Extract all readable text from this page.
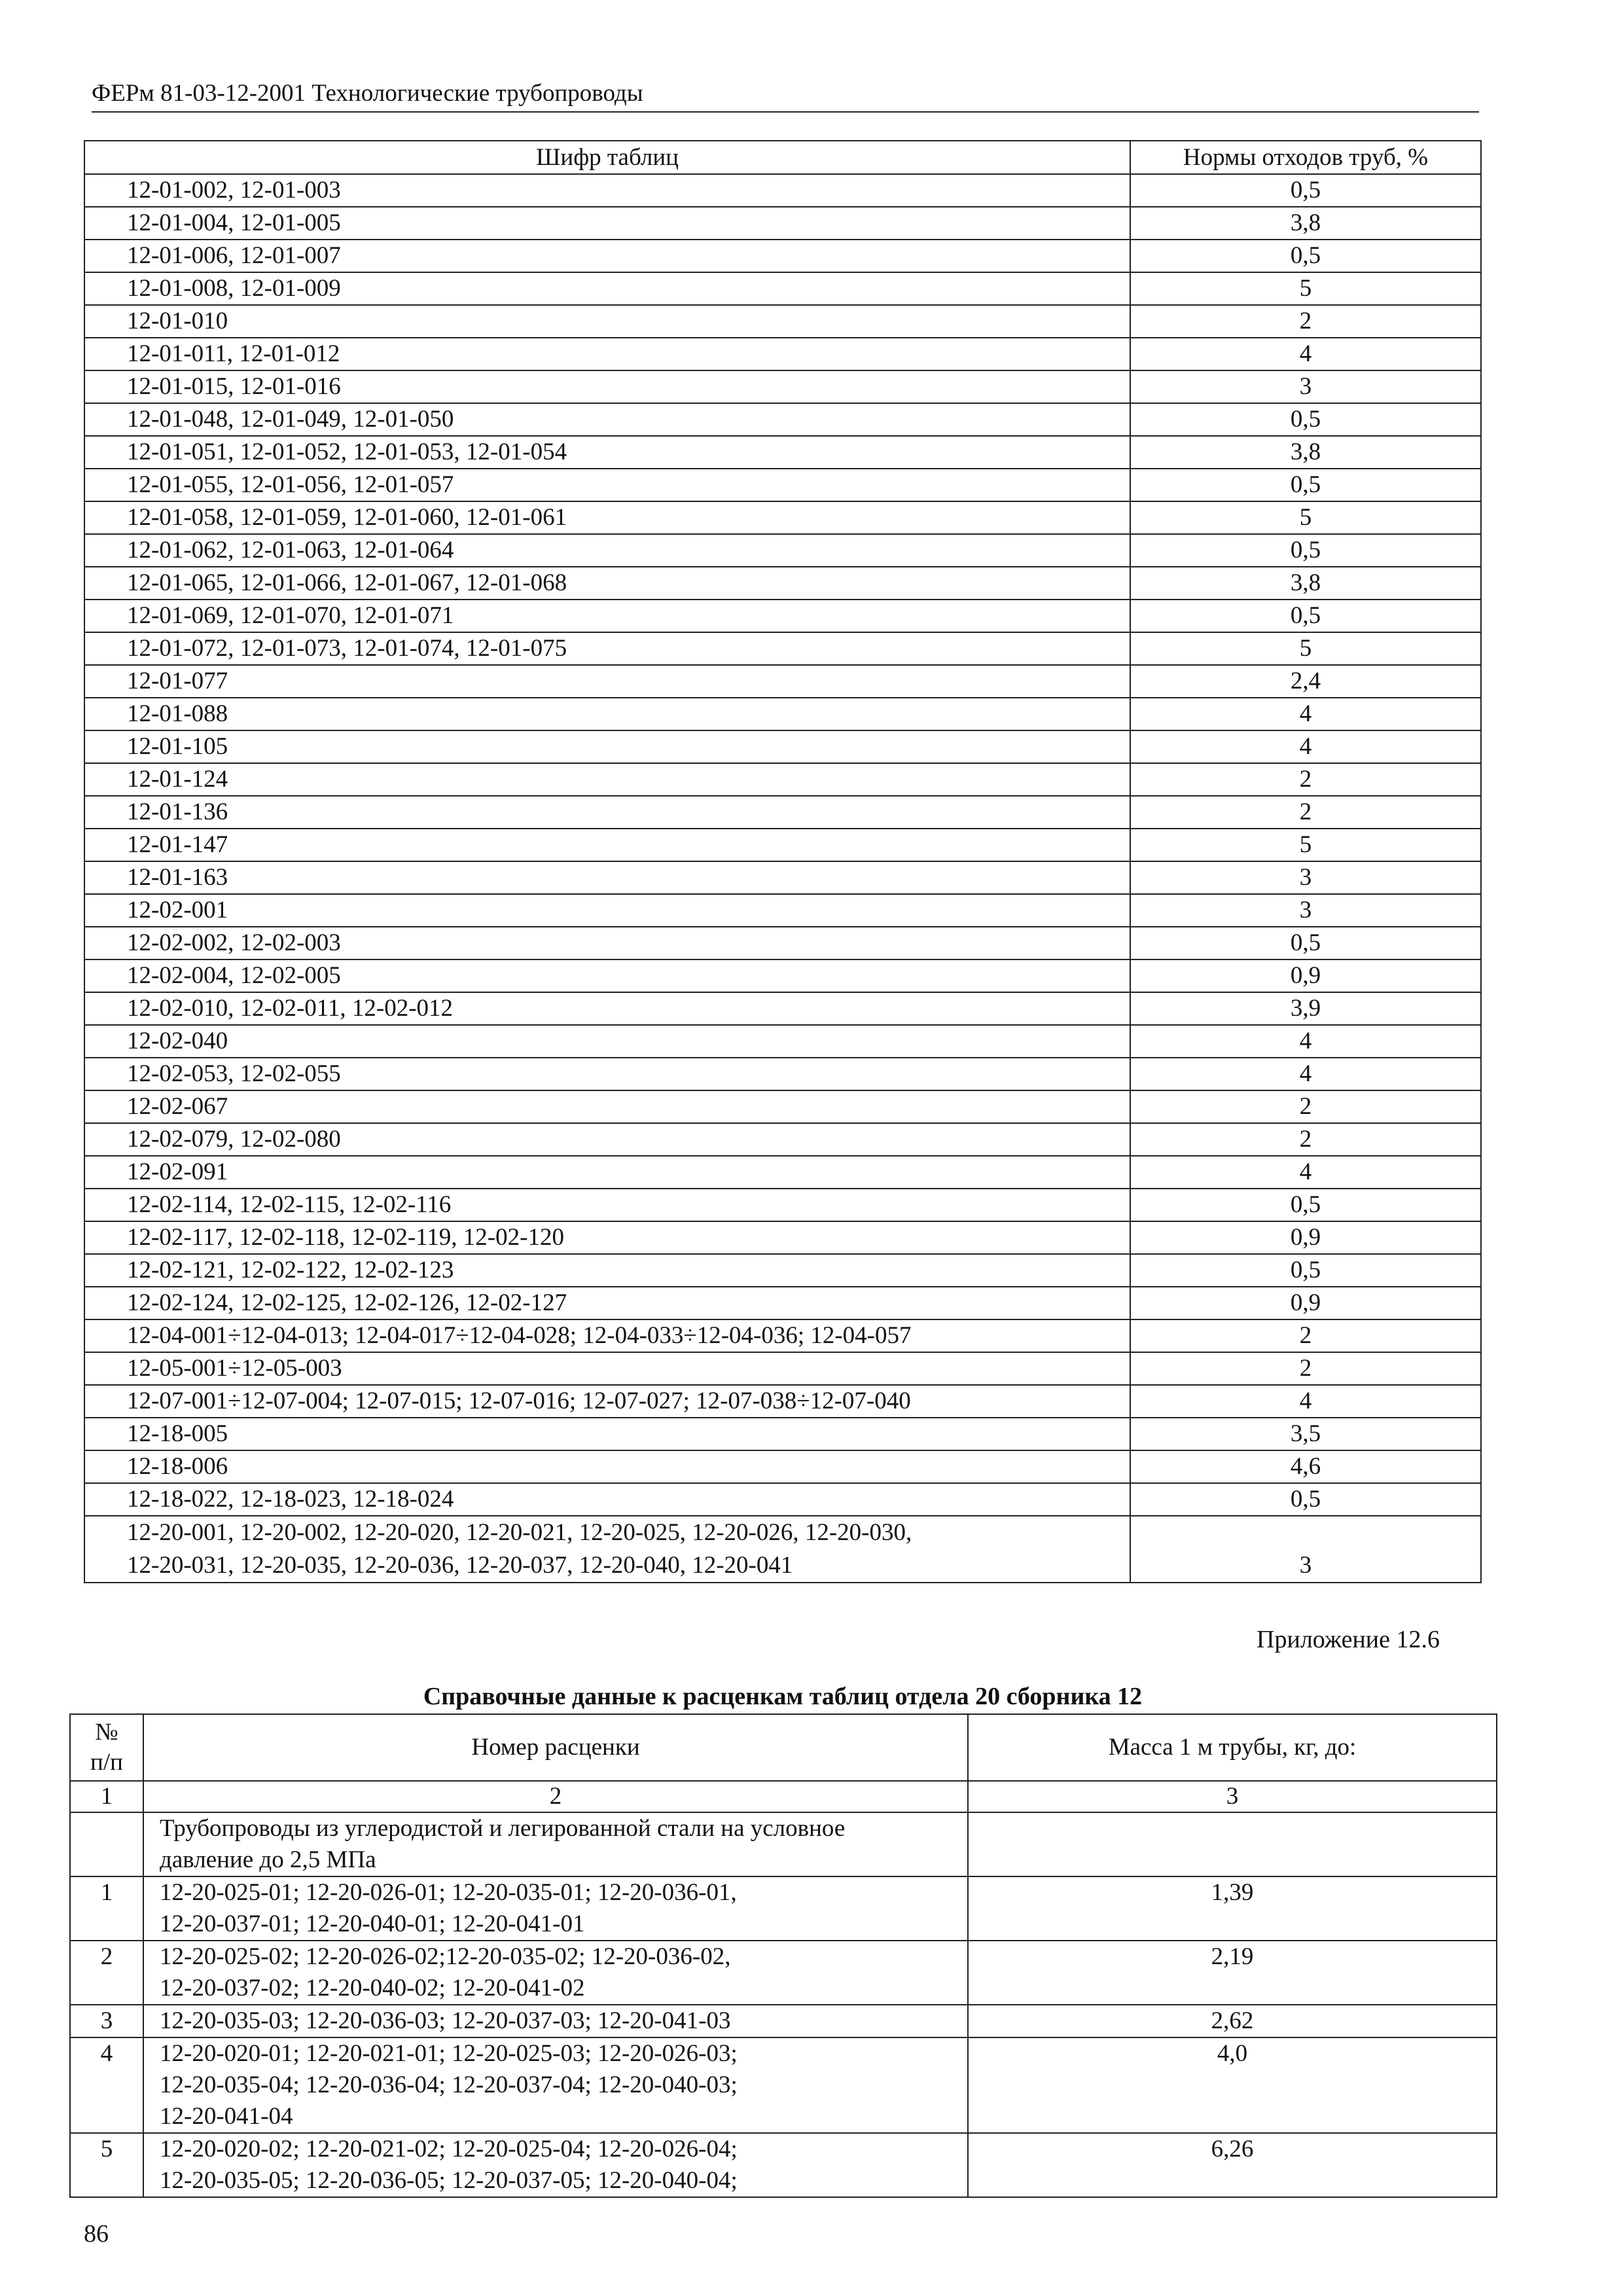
ФЕРм 81-03-12-2001 Технологические трубопроводы
Шифр таблиц	Нормы отходов труб, %
12-01-002, 12-01-003	0,5
12-01-004, 12-01-005	3,8
12-01-006, 12-01-007	0,5
12-01-008, 12-01-009	5
12-01-010	2
12-01-011, 12-01-012	4
12-01-015, 12-01-016	3
12-01-048, 12-01-049, 12-01-050	0,5
12-01-051, 12-01-052, 12-01-053, 12-01-054	3,8
12-01-055, 12-01-056, 12-01-057	0,5
12-01-058, 12-01-059, 12-01-060, 12-01-061	5
12-01-062, 12-01-063, 12-01-064	0,5
12-01-065, 12-01-066, 12-01-067, 12-01-068	3,8
12-01-069, 12-01-070, 12-01-071	0,5
12-01-072, 12-01-073, 12-01-074, 12-01-075	5
12-01-077	2,4
12-01-088	4
12-01-105	4
12-01-124	2
12-01-136	2
12-01-147	5
12-01-163	3
12-02-001	3
12-02-002, 12-02-003	0,5
12-02-004, 12-02-005	0,9
12-02-010, 12-02-011, 12-02-012	3,9
12-02-040	4
12-02-053, 12-02-055	4
12-02-067	2
12-02-079, 12-02-080	2
12-02-091	4
12-02-114, 12-02-115, 12-02-116	0,5
12-02-117, 12-02-118, 12-02-119, 12-02-120	0,9
12-02-121, 12-02-122, 12-02-123	0,5
12-02-124, 12-02-125, 12-02-126, 12-02-127	0,9
12-04-001÷12-04-013; 12-04-017÷12-04-028; 12-04-033÷12-04-036; 12-04-057	2
12-05-001÷12-05-003	2
12-07-001÷12-07-004; 12-07-015; 12-07-016; 12-07-027; 12-07-038÷12-07-040	4
12-18-005	3,5
12-18-006	4,6
12-18-022, 12-18-023, 12-18-024	0,5

12-20-001, 12-20-002, 12-20-020, 12-20-021, 12-20-025, 12-20-026, 12-20-030,
12-20-031, 12-20-035, 12-20-036, 12-20-037, 12-20-040, 12-20-041	3
Приложение 12.6
Справочные данные к расценкам таблиц отдела 20 сборника 12
№
п/п	Номер расценки	Масса 1 м трубы, кг, до:
1	2	3

	Трубопроводы из углеродистой и легированной стали на условное
давление до 2,5 МПа	

1	12-20-025-01; 12-20-026-01; 12-20-035-01; 12-20-036-01,
12-20-037-01; 12-20-040-01; 12-20-041-01	1,39
2	12-20-025-02; 12-20-026-02;12-20-035-02; 12-20-036-02,
12-20-037-02; 12-20-040-02; 12-20-041-02	2,19
3	12-20-035-03; 12-20-036-03; 12-20-037-03; 12-20-041-03	2,62
4	12-20-020-01; 12-20-021-01; 12-20-025-03; 12-20-026-03;
12-20-035-04; 12-20-036-04; 12-20-037-04; 12-20-040-03;
12-20-041-04	4,0
5	12-20-020-02; 12-20-021-02; 12-20-025-04; 12-20-026-04;
12-20-035-05; 12-20-036-05; 12-20-037-05; 12-20-040-04;	6,26
86
